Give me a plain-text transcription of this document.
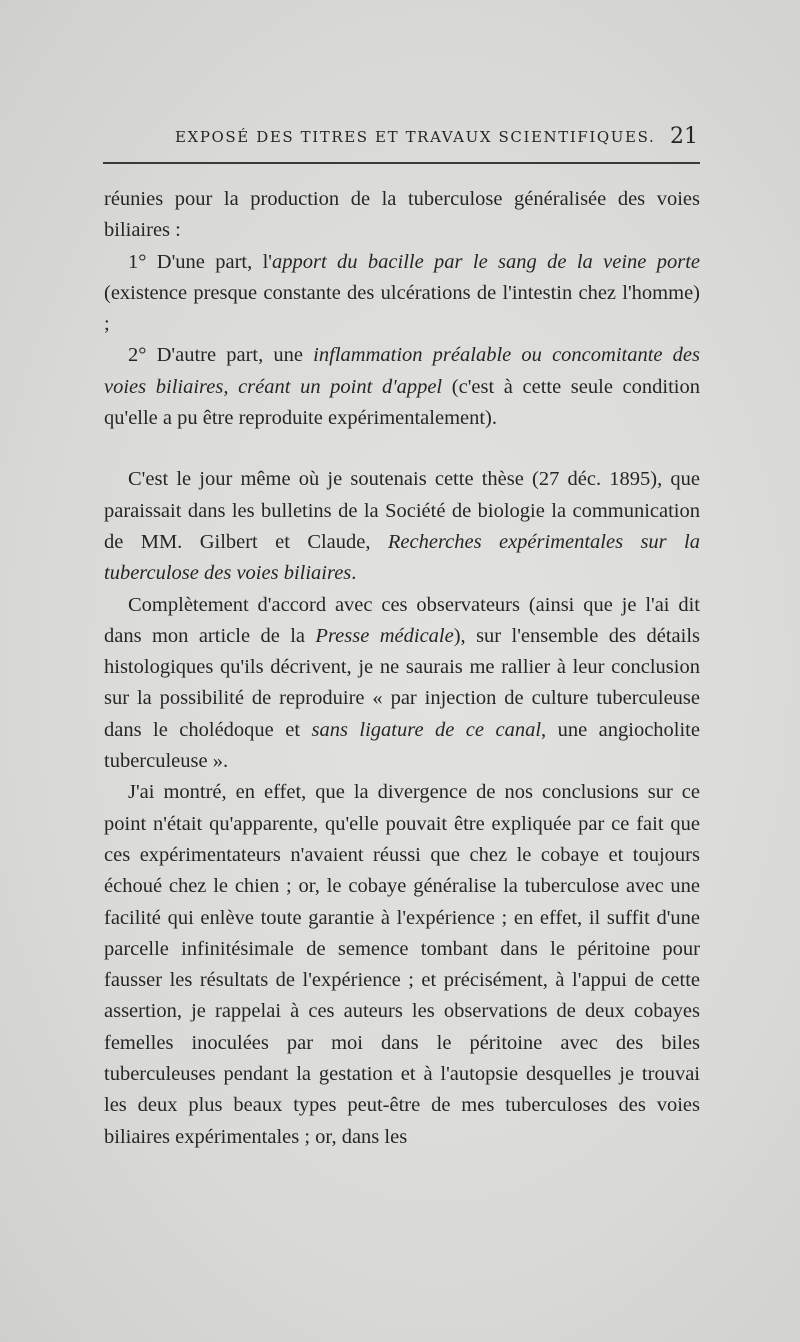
EXPOSÉ DES TITRES ET TRAVAUX SCIENTIFIQUES. 21

réunies pour la production de la tuberculose généralisée des voies biliaires :

1° D'une part, l'apport du bacille par le sang de la veine porte (existence presque constante des ulcérations de l'intestin chez l'homme) ;

2° D'autre part, une inflammation préalable ou concomitante des voies biliaires, créant un point d'appel (c'est à cette seule condition qu'elle a pu être reproduite expérimentalement).

C'est le jour même où je soutenais cette thèse (27 déc. 1895), que paraissait dans les bulletins de la Société de biologie la communication de MM. Gilbert et Claude, Recherches expérimentales sur la tuberculose des voies biliaires.

Complètement d'accord avec ces observateurs (ainsi que je l'ai dit dans mon article de la Presse médicale), sur l'ensemble des détails histologiques qu'ils décrivent, je ne saurais me rallier à leur conclusion sur la possibilité de reproduire « par injection de culture tuberculeuse dans le cholédoque et sans ligature de ce canal, une angiocholite tuberculeuse ».

J'ai montré, en effet, que la divergence de nos conclusions sur ce point n'était qu'apparente, qu'elle pouvait être expliquée par ce fait que ces expérimentateurs n'avaient réussi que chez le cobaye et toujours échoué chez le chien ; or, le cobaye généralise la tuberculose avec une facilité qui enlève toute garantie à l'expérience ; en effet, il suffit d'une parcelle infinitésimale de semence tombant dans le péritoine pour fausser les résultats de l'expérience ; et précisément, à l'appui de cette assertion, je rappelai à ces auteurs les observations de deux cobayes femelles inoculées par moi dans le péritoine avec des biles tuberculeuses pendant la gestation et à l'autopsie desquelles je trouvai les deux plus beaux types peut-être de mes tuberculoses des voies biliaires expérimentales ; or, dans les
